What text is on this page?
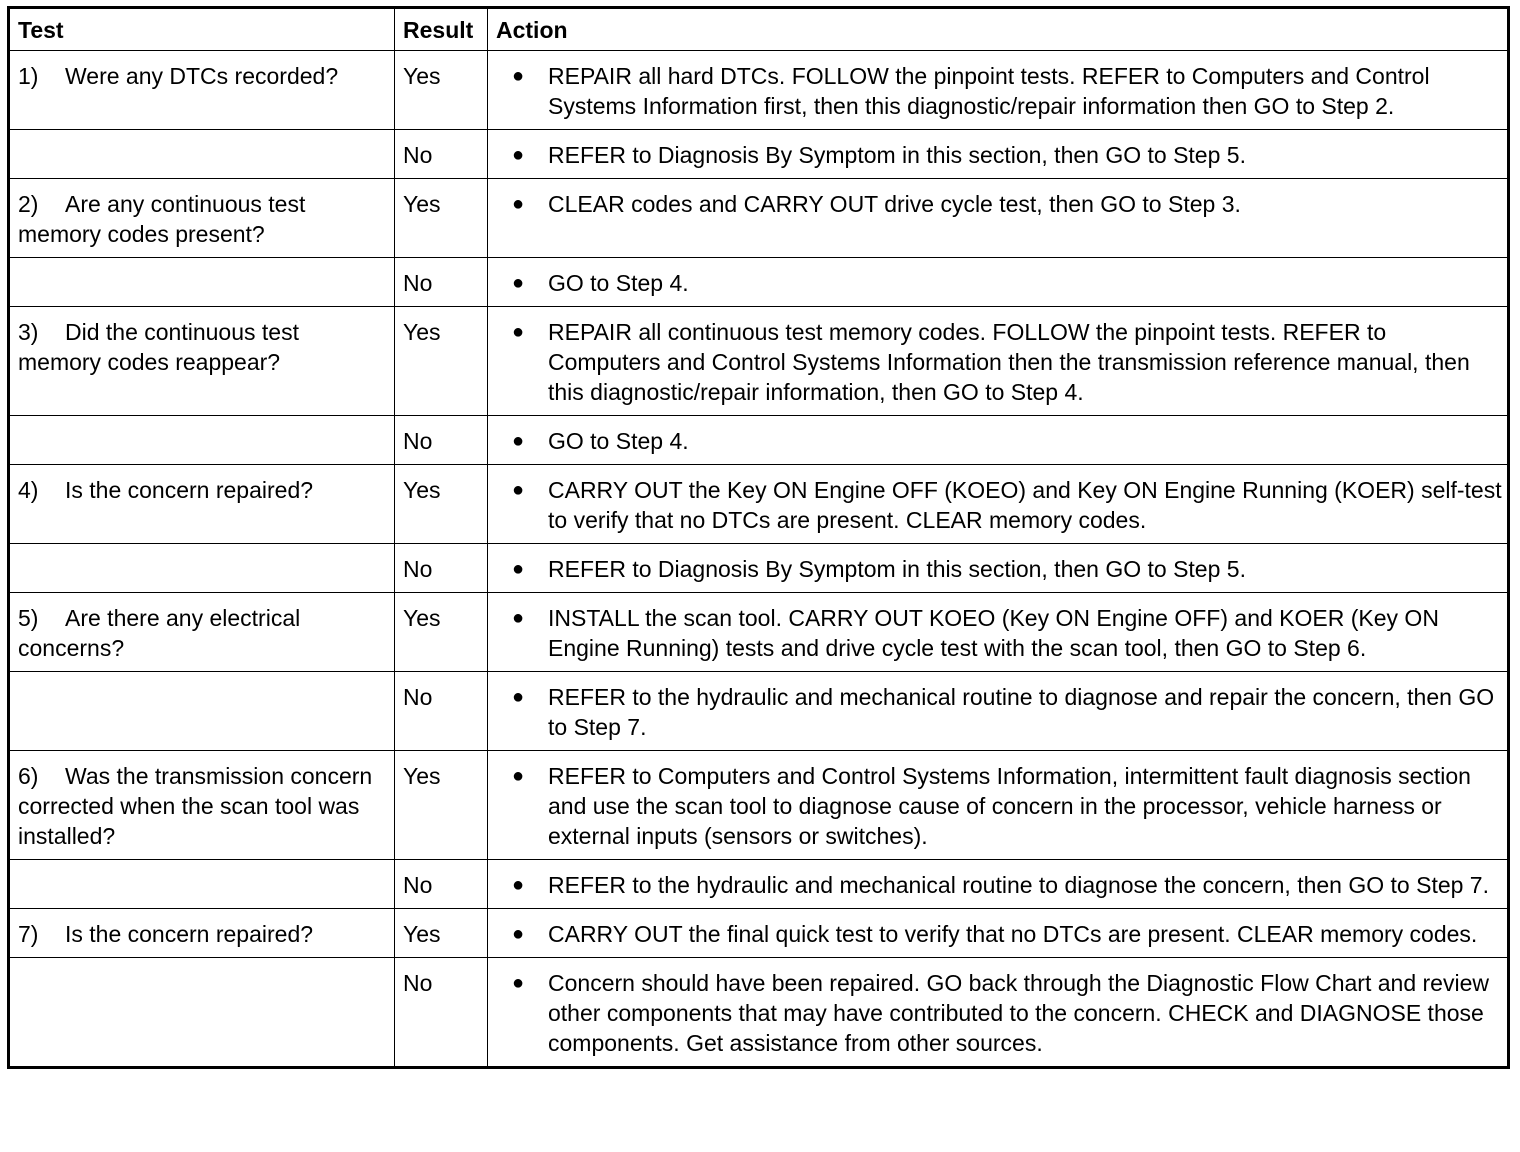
Test	Result	Action
1) Were any DTCs recorded?	Yes	● REPAIR all hard DTCs. FOLLOW the pinpoint tests. REFER to Computers and Control Systems Information first, then this diagnostic/repair information then GO to Step 2.

	No	● REFER to Diagnosis By Symptom in this section, then GO to Step 5.

2) Are any continuous test memory codes present?	Yes	● CLEAR codes and CARRY OUT drive cycle test, then GO to Step 3.

	No	● GO to Step 4.

3) Did the continuous test memory codes reappear?	Yes	● REPAIR all continuous test memory codes. FOLLOW the pinpoint tests. REFER to Computers and Control Systems Information then the transmission reference manual, then this diagnostic/repair information, then GO to Step 4.

	No	● GO to Step 4.

4) Is the concern repaired?	Yes	● CARRY OUT the Key ON Engine OFF (KOEO) and Key ON Engine Running (KOER) self-test to verify that no DTCs are present. CLEAR memory codes.

	No	● REFER to Diagnosis By Symptom in this section, then GO to Step 5.

5) Are there any electrical concerns?	Yes	● INSTALL the scan tool. CARRY OUT KOEO (Key ON Engine OFF) and KOER (Key ON Engine Running) tests and drive cycle test with the scan tool, then GO to Step 6.

	No	● REFER to the hydraulic and mechanical routine to diagnose and repair the concern, then GO to Step 7.

6) Was the transmission concern corrected when the scan tool was installed?	Yes	● REFER to Computers and Control Systems Information, intermittent fault diagnosis section and use the scan tool to diagnose cause of concern in the processor, vehicle harness or external inputs (sensors or switches).

	No	● REFER to the hydraulic and mechanical routine to diagnose the concern, then GO to Step 7.

7) Is the concern repaired?	Yes	● CARRY OUT the final quick test to verify that no DTCs are present. CLEAR memory codes.

	No	● Concern should have been repaired. GO back through the Diagnostic Flow Chart and review other components that may have contributed to the concern. CHECK and DIAGNOSE those components. Get assistance from other sources.
